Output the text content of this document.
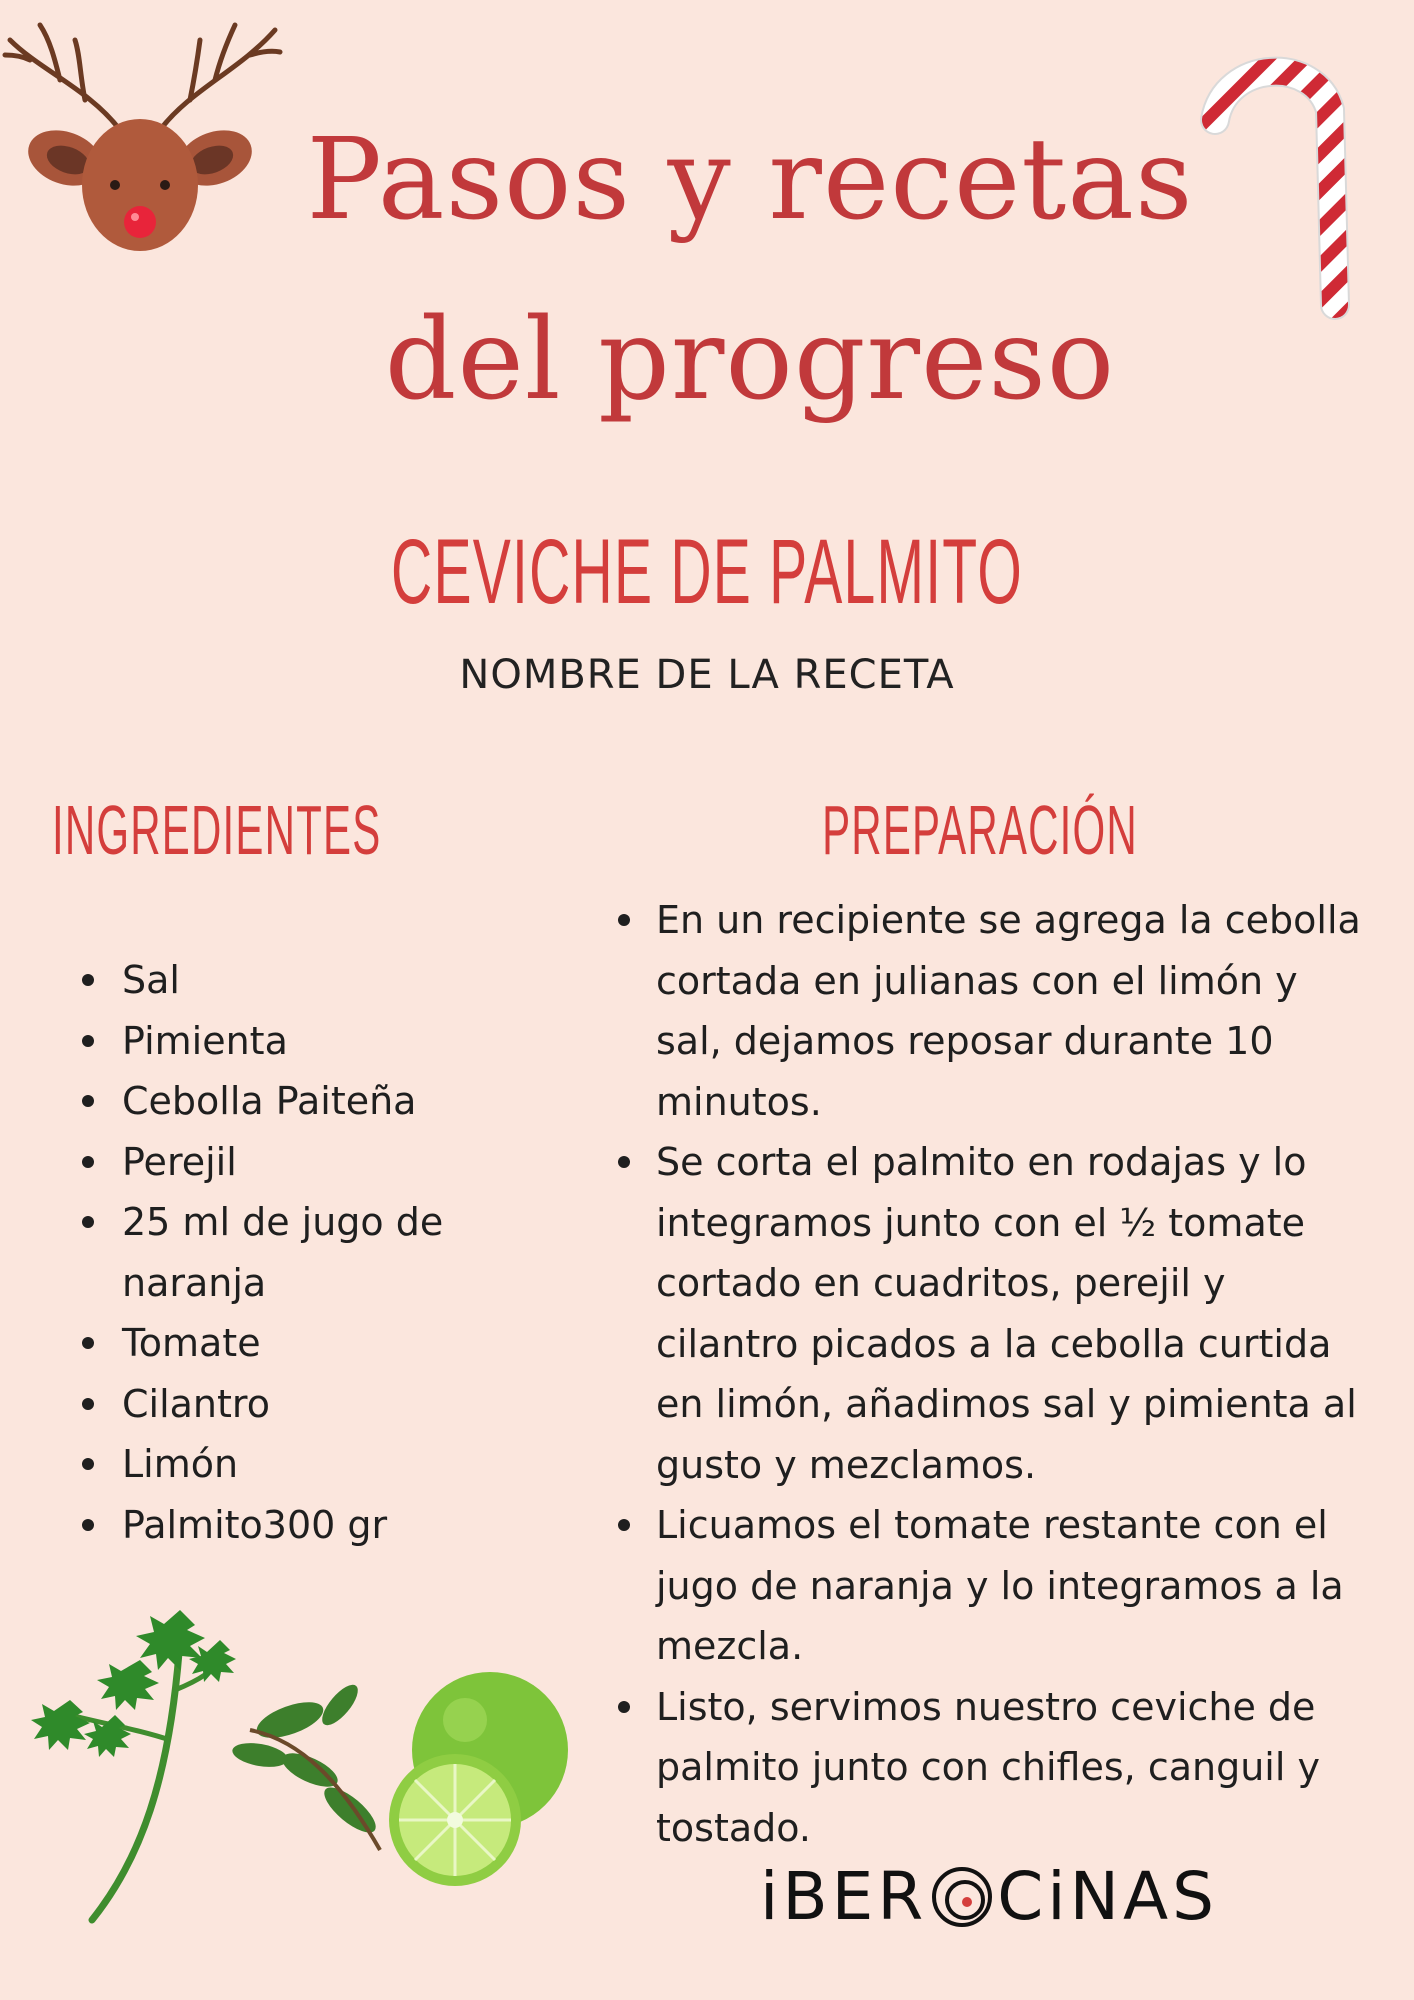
Pasos y recetas
del progreso
CEVICHE DE PALMITO
NOMBRE DE LA RECETA
INGREDIENTES	PREPARACIÓN
Sal
Pimienta
Cebolla Paiteña
Perejil
25 ml de jugo de naranja
Tomate
Cilantro
Limón
Palmito300 gr
En un recipiente se agrega la cebolla cortada en julianas con el limón y sal, dejamos reposar durante 10 minutos.
Se corta el palmito en rodajas y lo integramos junto con el ½ tomate cortado en cuadritos, perejil y cilantro picados a la cebolla curtida en limón, añadimos sal y pimienta al gusto y mezclamos.
Licuamos el tomate restante con el jugo de naranja y lo integramos a la mezcla.
Listo, servimos nuestro ceviche de palmito junto con chifles, canguil y tostado.
iBER CiNAS
